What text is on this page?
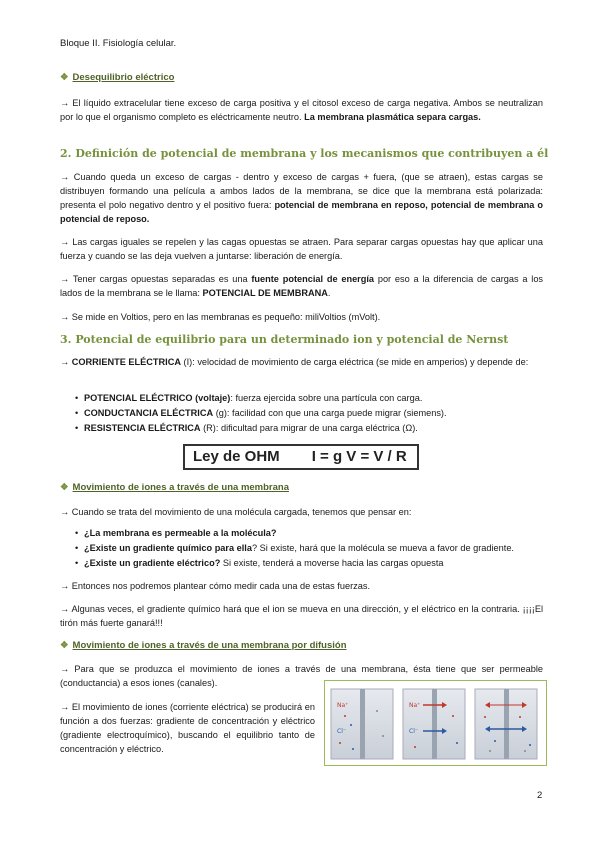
Bloque II. Fisiología celular.
❖ Desequilibrio eléctrico
→ El líquido extracelular tiene exceso de carga positiva y el citosol exceso de carga negativa. Ambos se neutralizan por lo que el organismo completo es eléctricamente neutro. La membrana plasmática separa cargas.
2. Definición de potencial de membrana y los mecanismos que contribuyen a él
→ Cuando queda un exceso de cargas - dentro y exceso de cargas + fuera, (que se atraen), estas cargas se distribuyen formando una película a ambos lados de la membrana, se dice que la membrana está polarizada: presenta el polo negativo dentro y el positivo fuera: potencial de membrana en reposo, potencial de membrana o potencial de reposo.
→ Las cargas iguales se repelen y las cagas opuestas se atraen. Para separar cargas opuestas hay que aplicar una fuerza y cuando se las deja vuelven a juntarse: liberación de energía.
→ Tener cargas opuestas separadas es una fuente potencial de energía por eso a la diferencia de cargas a los lados de la membrana se le llama: POTENCIAL DE MEMBRANA.
→ Se mide en Voltios, pero en las membranas es pequeño: miliVoltios (mVolt).
3. Potencial de equilibrio para un determinado ion y potencial de Nernst
→ CORRIENTE ELÉCTRICA (I): velocidad de movimiento de carga eléctrica (se mide en amperios) y depende de:
• POTENCIAL ELÉCTRICO (voltaje): fuerza ejercida sobre una partícula con carga.
• CONDUCTANCIA ELÉCTRICA (g): facilidad con que una carga puede migrar (siemens).
• RESISTENCIA ELÉCTRICA (R): dificultad para migrar de una carga eléctrica (Ω).
Ley de OHM I = g V = V / R
❖ Movimiento de iones a través de una membrana
→ Cuando se trata del movimiento de una molécula cargada, tenemos que pensar en:
• ¿La membrana es permeable a la molécula?
• ¿Existe un gradiente químico para ella? Si existe, hará que la molécula se mueva a favor de gradiente.
• ¿Existe un gradiente eléctrico? Si existe, tenderá a moverse hacia las cargas opuesta
→ Entonces nos podremos plantear cómo medir cada una de estas fuerzas.
→ Algunas veces, el gradiente químico hará que el ion se mueva en una dirección, y el eléctrico en la contraria. ¡¡¡¡El tirón más fuerte ganará!!!
❖ Movimiento de iones a través de una membrana por difusión
→ Para que se produzca el movimiento de iones a través de una membrana, ésta tiene que ser permeable (conductancia) a esos iones (canales).
→ El movimiento de iones (corriente eléctrica) se producirá en función a dos fuerzas: gradiente de concentración y eléctrico (gradiente electroquímico), buscando el equilibrio tanto de concentración y eléctrico.
Na⁺
Cl⁻
Na⁺
Cl⁻
2
